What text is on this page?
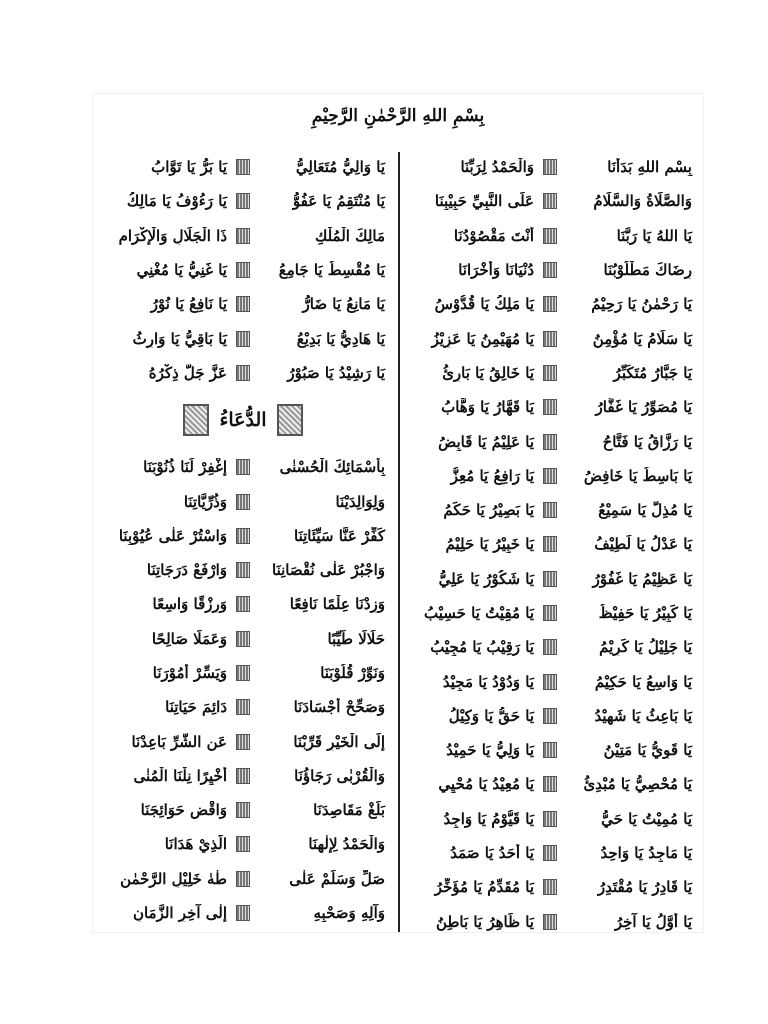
بِسْمِ اللهِ الرَّحْمٰنِ الرَّحِيْمِ
بِسْمِ اللهِ بَدَأْنَا
وَالْحَمْدُ لِرَبِّنَا
وَالصَّلَاةُ وَالسَّلَامُ
عَلَى النَّبِيِّ حَبِيْبِنَا
يَا اللهُ يَا رَبَّنَا
أَنْتَ مَقْصُوْدُنَا
رِضَاكَ مَطْلُوْبُنَا
دُنْيَانَا وَأُخْرَانَا
يَا رَحْمٰنُ يَا رَحِيْمُ
يَا مَلِكُ يَا قُدُّوْسُ
يَا سَلَامُ يَا مُؤْمِنُ
يَا مُهَيْمِنُ يَا عَزِيْزُ
يَا جَبَّارُ مُتَكَبِّرُ
يَا خَالِقُ يَا بَارِئُ
يَا مُصَوِّرُ يَا غَفَّارُ
يَا قَهَّارُ يَا وَهَّابُ
يَا رَزَّاقُ يَا فَتَّاحُ
يَا عَلِيْمُ يَا قَابِضُ
يَا بَاسِطُ يَا خَافِضُ
يَا رَافِعُ يَا مُعِزُّ
يَا مُذِلُّ يَا سَمِيْعُ
يَا بَصِيْرُ يَا حَكَمُ
يَا عَدْلُ يَا لَطِيْفُ
يَا خَبِيْرُ يَا حَلِيْمُ
يَا عَظِيْمُ يَا غَفُوْرُ
يَا شَكُوْرُ يَا عَلِيُّ
يَا كَبِيْرُ يَا حَفِيْظُ
يَا مُقِيْتُ يَا حَسِيْبُ
يَا جَلِيْلُ يَا كَرِيْمُ
يَا رَقِيْبُ يَا مُجِيْبُ
يَا وَاسِعُ يَا حَكِيْمُ
يَا وَدُوْدُ يَا مَجِيْدُ
يَا بَاعِثُ يَا شَهِيْدُ
يَا حَقُّ يَا وَكِيْلُ
يَا قَوِيُّ يَا مَتِيْنُ
يَا وَلِيُّ يَا حَمِيْدُ
يَا مُحْصِيُّ يَا مُبْدِئُ
يَا مُعِيْدُ يَا مُحْيِي
يَا مُمِيْتُ يَا حَيُّ
يَا قَيُّوْمُ يَا وَاجِدُ
يَا مَاجِدُ يَا وَاحِدُ
يَا أَحَدُ يَا صَمَدُ
يَا قَادِرُ يَا مُقْتَدِرُ
يَا مُقَدِّمُ يَا مُؤَخِّرُ
يَا أَوَّلُ يَا آخِرُ
يَا ظَاهِرُ يَا بَاطِنُ
يَا وَالِيُّ مُتَعَالِيُّ
يَا بَرُّ يَا تَوَّابُ
يَا مُنْتَقِمُ يَا عَفُوُّ
يَا رَءُوْفُ يَا مَالِكُ
مَالِكَ الْمُلْكِ
ذَا الْجَلَالِ وَالْإِكْرَامِ
يَا مُقْسِطُ يَا جَامِعُ
يَا غَنِيُّ يَا مُغْنِي
يَا مَانِعُ يَا ضَارُّ
يَا نَافِعُ يَا نُوْرُ
يَا هَادِيُّ يَا بَدِيْعُ
يَا بَاقِيُّ يَا وَارِثُ
يَا رَشِيْدُ يَا صَبُوْرُ
عَزَّ جَلَّ ذِكْرُهُ
الدُّعَاءُ
بِأَسْمَائِكَ الْحُسْنٰى
إِغْفِرْ لَنَا ذُنُوْبَنَا
وَلِوَالِدَيْنَا
وَذُرِّيَّاتِنَا
كَفِّرْ عَنَّا سَيِّئَاتِنَا
وَاسْتُرْ عَلٰى عُيُوْبِنَا
وَاجْبُرْ عَلٰى نُقْصَانِنَا
وَارْفَعْ دَرَجَاتِنَا
وَزِدْنَا عِلْمًا نَافِعًا
وَرِزْقًا وَاسِعًا
حَلَالًا طَيِّبًا
وَعَمَلًا صَالِحًا
وَنَوِّرْ قُلُوْبَنَا
وَيَسِّرْ أُمُوْرَنَا
وَصَحِّحْ أَجْسَادَنَا
دَائِمَ حَيَاتِنَا
إِلَى الْخَيْرِ قَرِّبْنَا
عَنِ الشَّرِّ بَاعِدْنَا
وَالْقُرْبٰى رَجَاؤُنَا
أَخْيِرًا نِلْنَا الْمُنٰى
بَلِّغْ مَقَاصِدَنَا
وَاقْضِ حَوَائِجَنَا
وَالْحَمْدُ لِإِلٰهِنَا
الَّذِيْ هَدَانَا
صَلِّ وَسَلِّمْ عَلٰى
طٰهٰ خَلِيْلِ الرَّحْمٰنِ
وَآلِهِ وَصَحْبِهِ
إِلٰى آخِرِ الزَّمَانِ
